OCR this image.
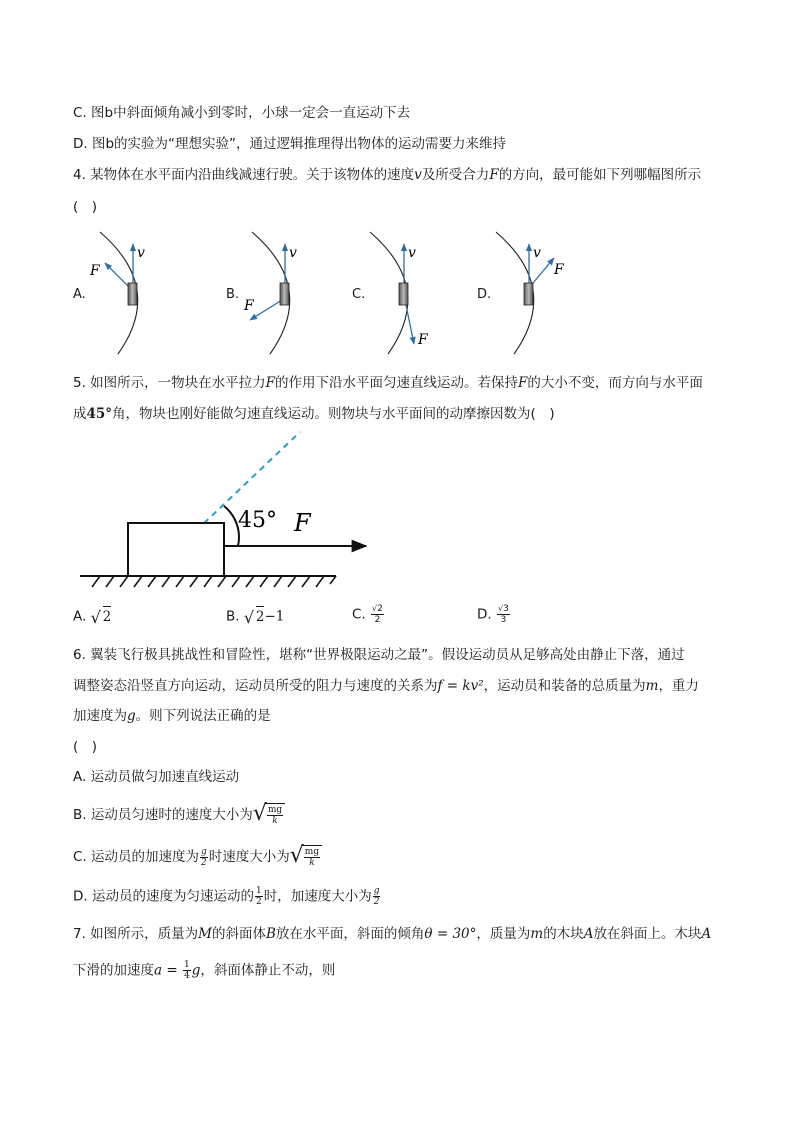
C. 图b中斜面倾角减小到零时，小球一定会一直运动下去
D. 图b的实验为“理想实验”，通过逻辑推理得出物体的运动需要力来维持
4. 某物体在水平面内沿曲线减速行驶。关于该物体的速度v及所受合力F的方向，最可能如下列哪幅图所示
(　)
v
F
v
F
v
F
v
F
A.	B.	C.	D.
5. 如图所示，一物块在水平拉力F的作用下沿水平面匀速直线运动。若保持F的大小不变，而方向与水平面
成45°角，物块也刚好能做匀速直线运动。则物块与水平面间的动摩擦因数为(　)
45° F
A. √ 2	B. √ 2−1	C. $\frac{√2}{2}$	D. $\frac{√3}{3}$
6. 翼装飞行极具挑战性和冒险性，堪称“世界极限运动之最”。假设运动员从足够高处由静止下落，通过
调整姿态沿竖直方向运动，运动员所受的阻力与速度的关系为f = kv²，运动员和装备的总质量为m，重力
加速度为g。则下列说法正确的是
(　)
A. 运动员做匀加速直线运动
B. 运动员匀速时的速度大小为 √ $\frac{mg}{k}$
C. 运动员的加速度为 $\frac{g}{2}$ 时速度大小为 √ $\frac{mg}{k}$
D. 运动员的速度为匀速运动的 $\frac{1}{2}$ 时，加速度大小为 $\frac{g}{2}$
7. 如图所示，质量为M的斜面体B放在水平面，斜面的倾角θ = 30°，质量为m的木块A放在斜面上。木块A
下滑的加速度$a = \frac{1}{4}$ g，斜面体静止不动，则
